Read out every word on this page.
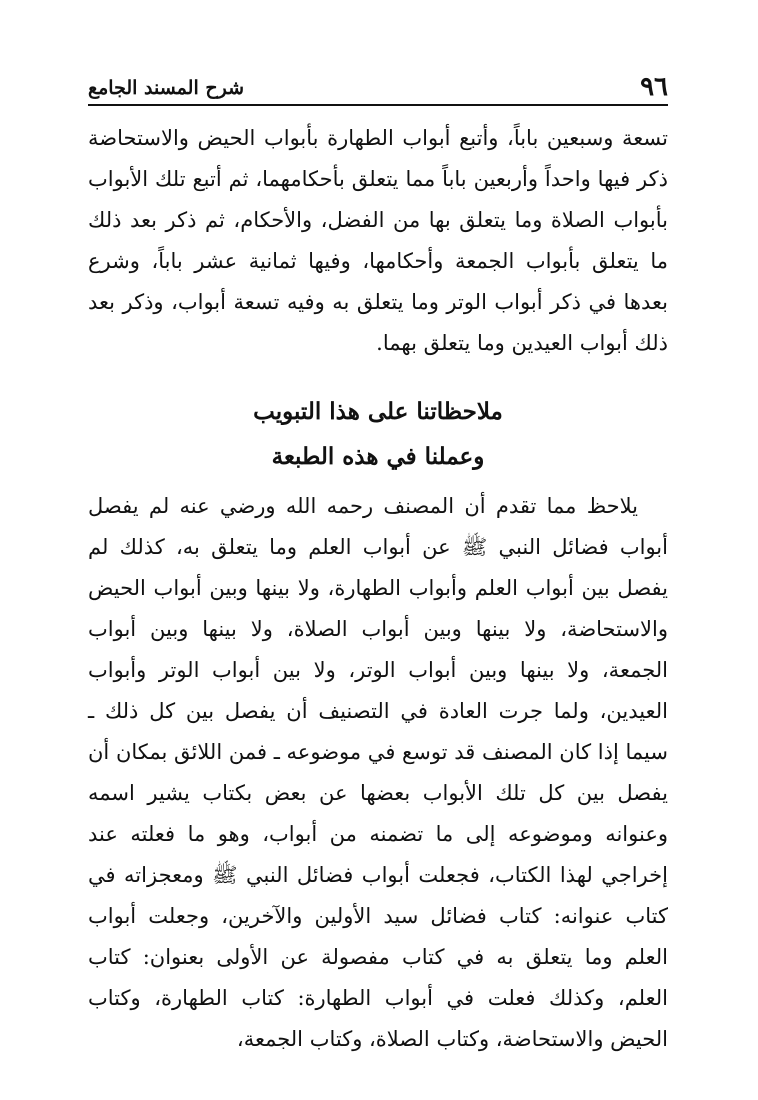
٩٦
شرح المسند الجامع

تسعة وسبعين باباً، وأتبع أبواب الطهارة بأبواب الحيض والاستحاضة ذكر فيها واحداً وأربعين باباً مما يتعلق بأحكامهما، ثم أتبع تلك الأبواب بأبواب الصلاة وما يتعلق بها من الفضل، والأحكام، ثم ذكر بعد ذلك ما يتعلق بأبواب الجمعة وأحكامها، وفيها ثمانية عشر باباً، وشرع بعدها في ذكر أبواب الوتر وما يتعلق به وفيه تسعة أبواب، وذكر بعد ذلك أبواب العيدين وما يتعلق بهما.

ملاحظاتنا على هذا التبويب
وعملنا في هذه الطبعة

يلاحظ مما تقدم أن المصنف رحمه الله ورضي عنه لم يفصل أبواب فضائل النبي ﷺ عن أبواب العلم وما يتعلق به، كذلك لم يفصل بين أبواب العلم وأبواب الطهارة، ولا بينها وبين أبواب الحيض والاستحاضة، ولا بينها وبين أبواب الصلاة، ولا بينها وبين أبواب الجمعة، ولا بينها وبين أبواب الوتر، ولا بين أبواب الوتر وأبواب العيدين، ولما جرت العادة في التصنيف أن يفصل بين كل ذلك ـ سيما إذا كان المصنف قد توسع في موضوعه ـ فمن اللائق بمكان أن يفصل بين كل تلك الأبواب بعضها عن بعض بكتاب يشير اسمه وعنوانه وموضوعه إلى ما تضمنه من أبواب، وهو ما فعلته عند إخراجي لهذا الكتاب، فجعلت أبواب فضائل النبي ﷺ ومعجزاته في كتاب عنوانه: كتاب فضائل سيد الأولين والآخرين، وجعلت أبواب العلم وما يتعلق به في كتاب مفصولة عن الأولى بعنوان: كتاب العلم، وكذلك فعلت في أبواب الطهارة: كتاب الطهارة، وكتاب الحيض والاستحاضة، وكتاب الصلاة، وكتاب الجمعة،
